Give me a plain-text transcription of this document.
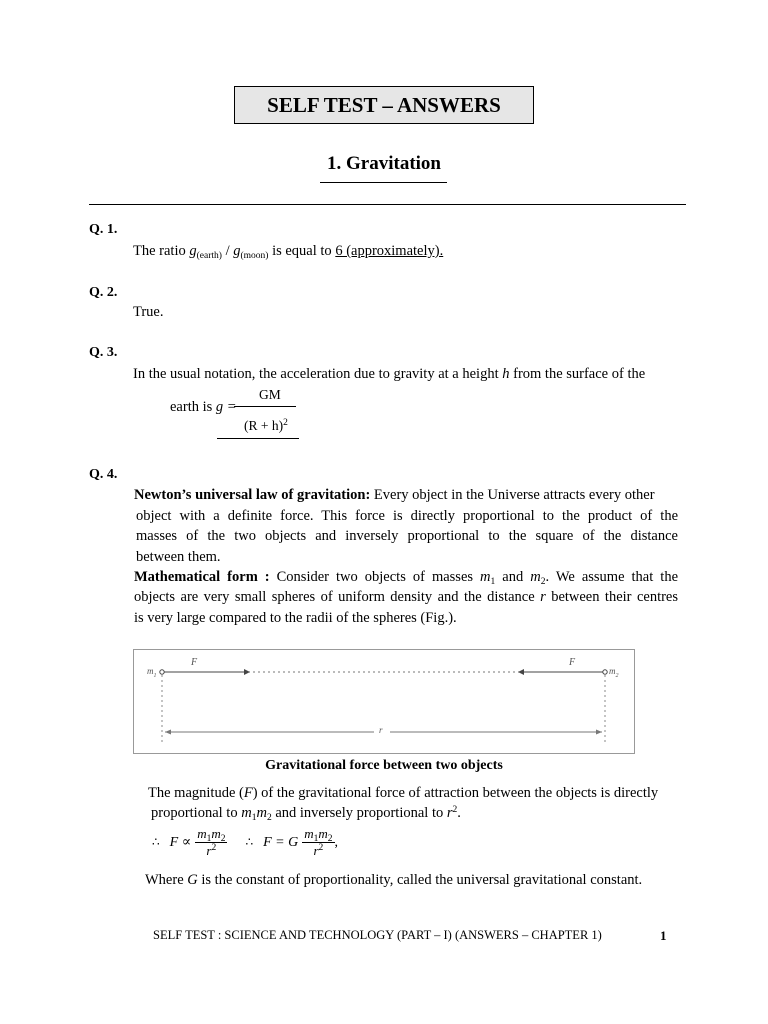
SELF TEST – ANSWERS
1. Gravitation
Q. 1.
The ratio $g_{(earth)} / g_{(moon)}$ is equal to 6 (approximately).
Q. 2.
True.
Q. 3.
In the usual notation, the acceleration due to gravity at a height h from the surface of the
earth is g =
GM
$(R + h)^2$
Q. 4.
Newton’s universal law of gravitation: Every object in the Universe attracts every other
object with a definite force. This force is directly proportional to the product of the
masses of the two objects and inversely proportional to the square of the distance
between them.
Mathematical form : Consider two objects of masses $m_1$ and $m_2$. We assume that the
objects are very small spheres of uniform density and the distance r between their centres
is very large compared to the radii of the spheres (Fig.).
$m_1$	$m_2$
F	F
r
Gravitational force between two objects
The magnitude (F) of the gravitational force of attraction between the objects is directly
proportional to $m_1m_2$ and inversely proportional to $r^2$.
∴ $F \propto \frac{m_1m_2}{r^2}$ ∴ F = G $\frac{m_1m_2}{r^2}$ ,
Where G is the constant of proportionality, called the universal gravitational constant.
SELF TEST : SCIENCE AND TECHNOLOGY (PART – I) (ANSWERS – CHAPTER 1)	1
